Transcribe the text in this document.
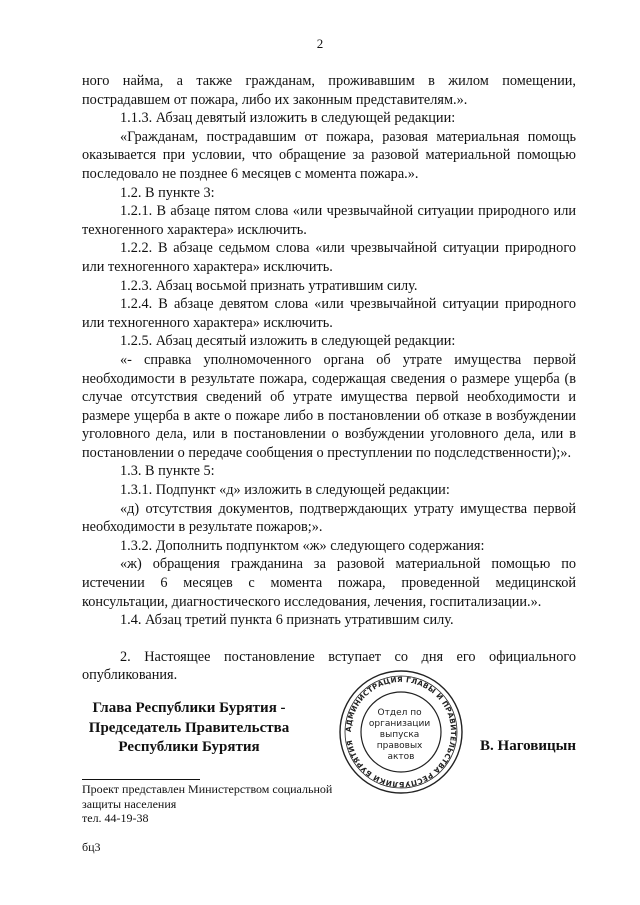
2

ного найма, а также гражданам, проживавшим в жилом помещении, пострадавшем от пожара, либо их законным представителям.».

1.1.3. Абзац девятый изложить в следующей редакции:

«Гражданам, пострадавшим от пожара, разовая материальная помощь оказывается при условии, что обращение за разовой материальной помощью последовало не позднее 6 месяцев с момента пожара.».

1.2. В пункте 3:

1.2.1. В абзаце пятом слова «или чрезвычайной ситуации природного или техногенного характера» исключить.

1.2.2. В абзаце седьмом слова «или чрезвычайной ситуации природного или техногенного характера» исключить.

1.2.3. Абзац восьмой признать утратившим силу.

1.2.4. В абзаце девятом слова «или чрезвычайной ситуации природного или техногенного характера» исключить.

1.2.5. Абзац десятый изложить в следующей редакции:

«- справка уполномоченного органа об утрате имущества первой необходимости в результате пожара, содержащая сведения о размере ущерба (в случае отсутствия сведений об утрате имущества первой необходимости и размере ущерба в акте о пожаре либо в постановлении об отказе в возбуждении уголовного дела, или в постановлении о возбуждении уголовного дела, или в постановлении о передаче сообщения о преступлении по подследственности);».

1.3. В пункте 5:

1.3.1. Подпункт «д» изложить в следующей редакции:

«д) отсутствия документов, подтверждающих утрату имущества первой необходимости в результате пожаров;».

1.3.2. Дополнить подпунктом «ж» следующего содержания:

«ж) обращения гражданина за разовой материальной помощью по истечении 6 месяцев с момента пожара, проведенной медицинской консультации, диагностического исследования, лечения, госпитализации.».

1.4. Абзац третий пункта 6 признать утратившим силу.

2. Настоящее постановление вступает со дня его официального опубликования.

Глава Республики Бурятия -
Председатель Правительства
Республики Бурятия
АДМИНИСТРАЦИЯ ГЛАВЫ И ПРАВИТЕЛЬСТВА РЕСПУБЛИКИ БУРЯТИЯ
Отдел по организации выпуска правовых актов
В. Наговицын
Проект представлен Министерством социальной
защиты населения
тел. 44-19-38
бц3
